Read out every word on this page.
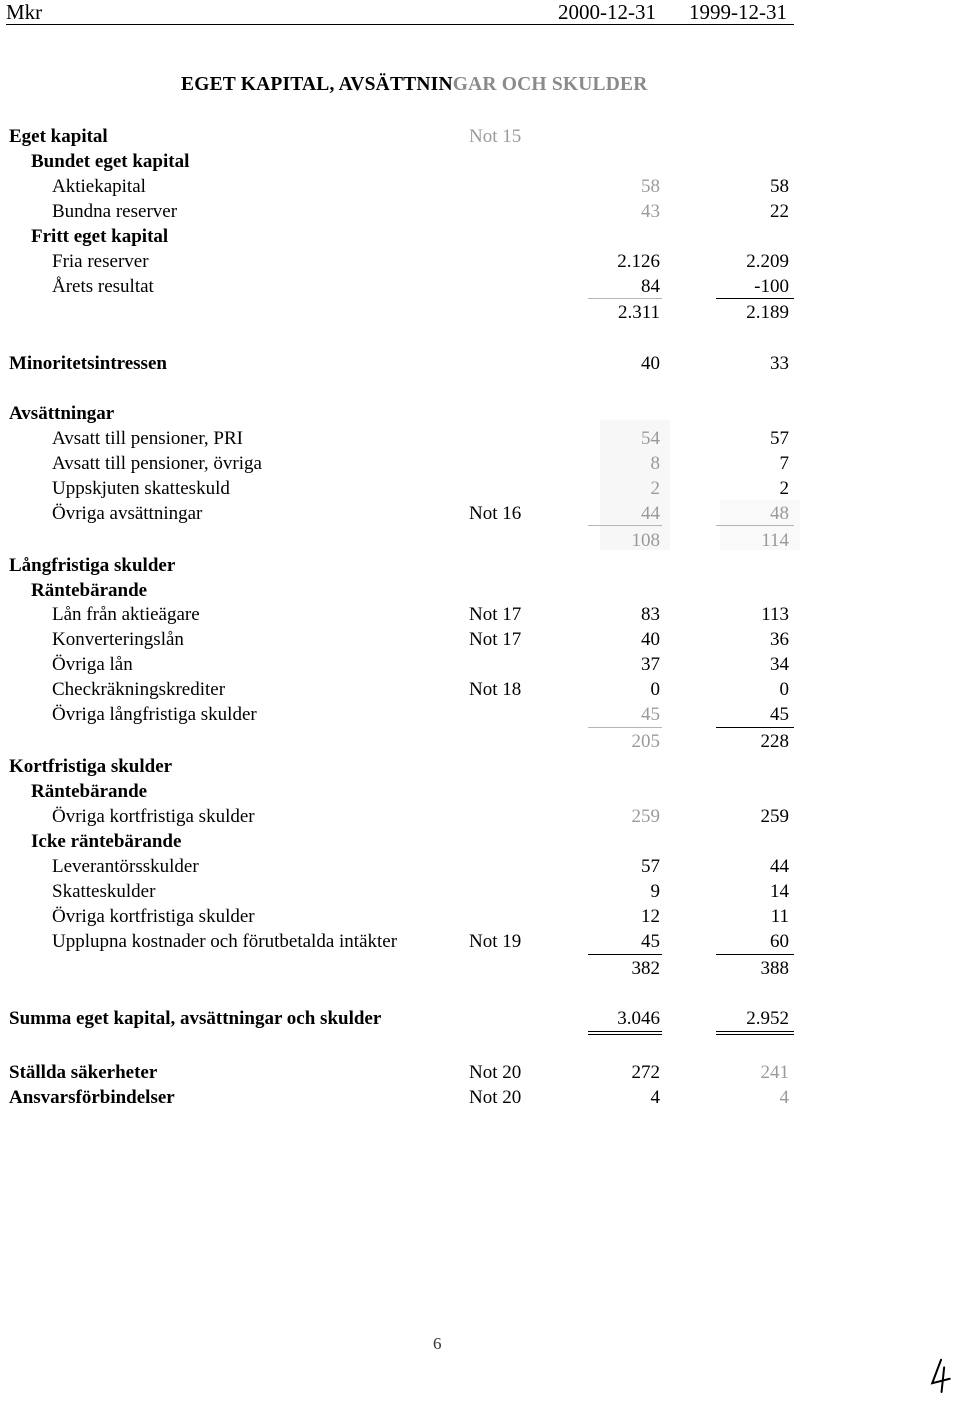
Mkr	2000-12-31 1999-12-31
EGET KAPITAL, AVSÄTTNINGAR OCH SKULDER
Eget kapital	Not 15
Bundet eget kapital
Aktiekapital	58	58
Bundna reserver	43	22
Fritt eget kapital
Fria reserver	2.126	2.209
Årets resultat	84	-100
2.311	2.189
Minoritetsintressen	40	33
Avsättningar
Avsatt till pensioner, PRI	54	57
Avsatt till pensioner, övriga	8	7
Uppskjuten skatteskuld	2	2
Övriga avsättningar	Not 16	44	48
108	114
Långfristiga skulder
Räntebärande
Lån från aktieägare	Not 17	83	113
Konverteringslån	Not 17	40	36
Övriga lån	37	34
Checkräkningskrediter	Not 18	0	0
Övriga långfristiga skulder	45	45
205	228
Kortfristiga skulder
Räntebärande
Övriga kortfristiga skulder	259	259
Icke räntebärande
Leverantörsskulder	57	44
Skatteskulder	9	14
Övriga kortfristiga skulder	12	11
Upplupna kostnader och förutbetalda intäkter	Not 19	45	60
382	388
Summa eget kapital, avsättningar och skulder	3.046	2.952
Ställda säkerheter	Not 20	272	241
Ansvarsförbindelser	Not 20	4	4
6
